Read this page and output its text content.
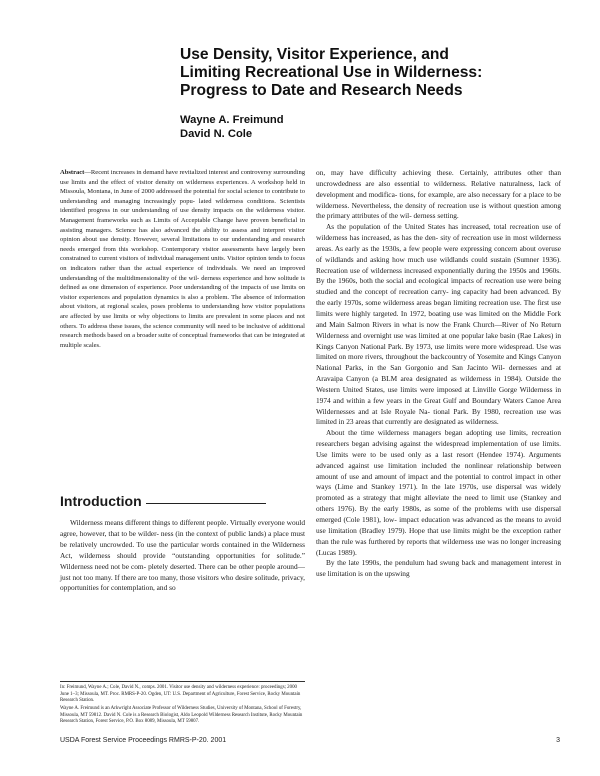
Use Density, Visitor Experience, and
Limiting Recreational Use in Wilderness:
Progress to Date and Research Needs
Wayne A. Freimund
David N. Cole

Abstract—Recent increases in demand have revitalized interest and controversy surrounding use limits and the effect of visitor density on wilderness experiences. A workshop held in Missoula, Montana, in June of 2000 addressed the potential for social science to contribute to understanding and managing increasingly popu- lated wilderness conditions. Scientists identified progress in our understanding of use density impacts on the wilderness visitor. Management frameworks such as Limits of Acceptable Change have proven beneficial in assisting managers. Science has also advanced the ability to assess and interpret visitor opinion about use density. However, several limitations to our understanding and research needs emerged from this workshop. Contemporary visitor assessments have largely been constrained to current visitors of individual management units. Visitor opinion tends to focus on indicators rather than the actual experience of individuals. We need an improved understanding of the multidimensionality of the wil- derness experience and how solitude is defined as one dimension of experience. Poor understanding of the impacts of use limits on visitor experiences and population dynamics is also a problem. The absence of information about visitors, at regional scales, poses problems to understanding how visitor populations are affected by use limits or why objections to limits are prevalent in some places and not others. To address these issues, the science community will need to be inclusive of additional research methods based on a broader suite of conceptual frameworks that can be integrated at multiple scales.

Introduction

Wilderness means different things to different people. Virtually everyone would agree, however, that to be wilder- ness (in the context of public lands) a place must be relatively uncrowded. To use the particular words contained in the Wilderness Act, wilderness should provide “outstanding opportunities for solitude.” Wilderness need not be com- pletely deserted. There can be other people around—just not too many. If there are too many, those visitors who desire solitude, privacy, opportunities for contemplation, and so

In: Freimund, Wayne A.; Cole, David N., comps. 2001. Visitor use density and wilderness experience: proceedings; 2000 June 1–3; Missoula, MT. Proc. RMRS-P-20. Ogden, UT: U.S. Department of Agriculture, Forest Service, Rocky Mountain Research Station.

Wayne A. Freimund is an Arkwright Associate Professor of Wilderness Studies, University of Montana, School of Forestry, Missoula, MT 59812. David N. Cole is a Research Biologist, Aldo Leopold Wilderness Research Institute, Rocky Mountain Research Station, Forest Service, P.O. Box 8089, Missoula, MT 59807.

on, may have difficulty achieving these. Certainly, attributes other than uncrowdedness are also essential to wilderness. Relative naturalness, lack of development and modifica- tions, for example, are also necessary for a place to be wilderness. Nevertheless, the density of recreation use is without question among the primary attributes of the wil- derness setting.

As the population of the United States has increased, total recreation use of wilderness has increased, as has the den- sity of recreation use in most wilderness areas. As early as the 1930s, a few people were expressing concern about overuse of wildlands and asking how much use wildlands could sustain (Sumner 1936). Recreation use of wilderness increased exponentially during the 1950s and 1960s. By the 1960s, both the social and ecological impacts of recreation use were being studied and the concept of recreation carry- ing capacity had been advanced. By the early 1970s, some wilderness areas began limiting recreation use. The first use limits were highly targeted. In 1972, boating use was limited on the Middle Fork and Main Salmon Rivers in what is now the Frank Church—River of No Return Wilderness and overnight use was limited at one popular lake basin (Rae Lakes) in Kings Canyon National Park. By 1973, use limits were more widespread. Use was limited on more rivers, throughout the backcountry of Yosemite and Kings Canyon National Parks, in the San Gorgonio and San Jacinto Wil- dernesses and at Aravaipa Canyon (a BLM area designated as wilderness in 1984). Outside the Western United States, use limits were imposed at Linville Gorge Wilderness in 1974 and within a few years in the Great Gulf and Boundary Waters Canoe Area Wildernesses and at Isle Royale Na- tional Park. By 1980, recreation use was limited in 23 areas that currently are designated as wilderness.

About the time wilderness managers began adopting use limits, recreation researchers began advising against the widespread implementation of use limits. Use limits were to be used only as a last resort (Hendee 1974). Arguments advanced against use limitation included the nonlinear relationship between amount of use and amount of impact and the potential to control impact in other ways (Lime and Stankey 1971). In the late 1970s, use dispersal was widely promoted as a strategy that might alleviate the need to limit use (Stankey and others 1976). By the early 1980s, as some of the problems with use dispersal emerged (Cole 1981), low- impact education was advanced as the means to avoid use limitation (Bradley 1979). Hope that use limits might be the exception rather than the rule was furthered by reports that wilderness use was no longer increasing (Lucas 1989).

By the late 1990s, the pendulum had swung back and management interest in use limitation is on the upswing

USDA Forest Service Proceedings RMRS-P-20. 2001	3
